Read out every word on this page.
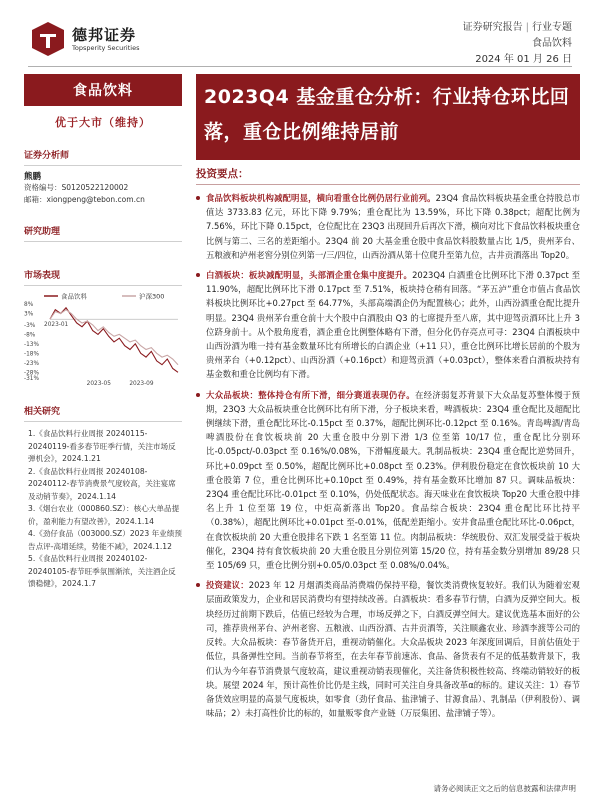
德邦证券
Topsperity Securities
证券研究报告 | 行业专题
食品饮料
2024 年 01 月 26 日
食品饮料
优于大市（维持）
证券分析师
熊鹏
资格编号：S0120522120002
邮箱：xiongpeng@tebon.com.cn
研究助理
市场表现
食品饮料	沪深300
8%
3%
-3%
-8%
-13%
-18%
-23%
-28%
-31%
2023-01
2023-05	2023-09
相关研究
1.《食品饮料行业周报 20240115-20240119-看多春节旺季行情，关注市场反弹机会》，2024.1.21
2.《食品饮料行业周报 20240108-20240112-春节消费景气度较高，关注宴席及动销节奏》，2024.1.14
3.《烟台农业（000860.SZ）：核心大单品提价，盈利能力有望改善》，2024.1.14
4.《劲仔食品（003000.SZ）2023 年业绩预告点评-高增延续，势能不减》，2024.1.12
5.《食品饮料行业周报 20240102-20240105-春节旺季氛围渐浓，关注酒企反馈稳健》，2024.1.7
2023Q4 基金重仓分析：行业持仓环比回落，重仓比例维持居前
投资要点：
食品饮料板块机构减配明显，横向看重仓比例仍居行业前列。23Q4 食品饮料板块基金重仓持股总市值达 3733.83 亿元，环比下降 9.79%；重仓配比为 13.59%，环比下降 0.38pct；超配比例为 7.56%，环比下降 0.15pct，仓位配比在 23Q3 出现回升后再次下滑，横向对比下食品饮料板块重仓比例与第二、三名的差距缩小。23Q4 前 20 大基金重仓股中食品饮料股数量占比 1/5，贵州茅台、五粮液和泸州老窖分别位列第一/三/四位，山西汾酒从第十位爬升至第九位，古井贡酒落出 Top20。
白酒板块：板块减配明显，头部酒企重仓集中度提升。2023Q4 白酒重仓比例环比下滑 0.37pct 至 11.90%，超配比例环比下滑 0.17pct 至 7.51%，板块持仓稍有回落。“茅五泸”重仓市值占食品饮料板块比例环比+0.27pct 至 64.77%，头部高端酒企仍为配置核心；此外，山西汾酒重仓配比提升明显。23Q4 贵州茅台重仓前十大个股中白酒股由 Q3 的七席提升至八席，其中迎驾贡酒环比上升 3 位跻身前十。从个股角度看，酒企重仓比例整体略有下滑，但分化仍存亮点可寻：23Q4 白酒板块中山西汾酒为唯一持有基金数量环比有所增长的白酒企业（+11 只），重仓比例环比增长居前的个股为贵州茅台（+0.12pct）、山西汾酒（+0.16pct）和迎驾贡酒（+0.03pct），整体来看白酒板块持有基金数和重仓比例均有下滑。
大众品板块：整体持仓有所下滑，细分赛道表现仍存。在经济弱复苏背景下大众品复苏整体慢于预期，23Q3 大众品板块重仓比例环比有所下滑，分子板块来看，啤酒板块：23Q4 重仓配比及超配比例继续下滑，重仓配比环比-0.15pct 至 0.37%，超配比例环比-0.12pct 至 0.16%。青岛啤酒/青岛啤酒股份在食饮板块前 20 大重仓股中分别下滑 1/3 位至第 10/17 位，重仓配比分别环比-0.05pct/-0.03pct 至 0.16%/0.08%，下滑幅度最大。乳制品板块：23Q4 重仓配比逆势回升，环比+0.09pct 至 0.50%，超配比例环比+0.08pct 至 0.23%。伊利股份稳定在食饮板块前 10 大重仓股第 7 位，重仓比例环比+0.10pct 至 0.49%，持有基金数环比增加 87 只。调味品板块：23Q4 重仓配比环比-0.01pct 至 0.10%，仍处低配状态。海天味业在食饮板块 Top20 大重仓股中排名上升 1 位至第 19 位，中炬高新落出 Top20。食品综合板块：23Q4 重仓配比环比持平（0.38%），超配比例环比+0.01pct 至-0.01%，低配差距缩小。安井食品重仓配比环比-0.06pct，在食饮板块前 20 大重仓股排名下跌 1 名至第 11 位。肉制品板块：华统股份、双汇发展受益于板块催化，23Q4 持有食饮板块前 20 大重仓股且分别位列第 15/20 位，持有基金数分别增加 89/28 只至 105/69 只，重仓比例分别+0.05/0.03pct 至 0.08%/0.04%。
投资建议：2023 年 12 月烟酒类商品消费端仍保持平稳，餐饮类消费恢复较好。我们认为随着宏观层面政策发力，企业和居民消费均有望持续改善。白酒板块：看多春节行情，白酒为反弹空间大。板块经历过前期下跌后，估值已经较为合理，市场反弹之下，白酒反弹空间大。建议优选基本面好的公司，推荐贵州茅台、泸州老窖、五粮液、山西汾酒、古井贡酒等，关注顺鑫农业、珍酒李渡等公司的反转。大众品板块：春节备货开启，重视动销催化。大众品板块 2023 年深度回调后，目前估值处于低位，具备弹性空间。当前春节将至，在去年春节前速冻、食品、备货表有不足的低基数背景下，我们认为今年春节消费景气度较高，建议重视动销表现催化，关注备货积极性较高、终端动销较好的板块。展望 2024 年，预计高性价比仍是主线，同时可关注自身具备改革α的标的。建议关注：1）春节备货效应明显的高景气度板块，如零食（劲仔食品、盐津铺子、甘源食品）、乳制品（伊利股份）、调味品；2）未打高性价比的标的，如量贩零食产业链（万辰集团、盐津铺子等）。
请务必阅读正文之后的信息披露和法律声明
